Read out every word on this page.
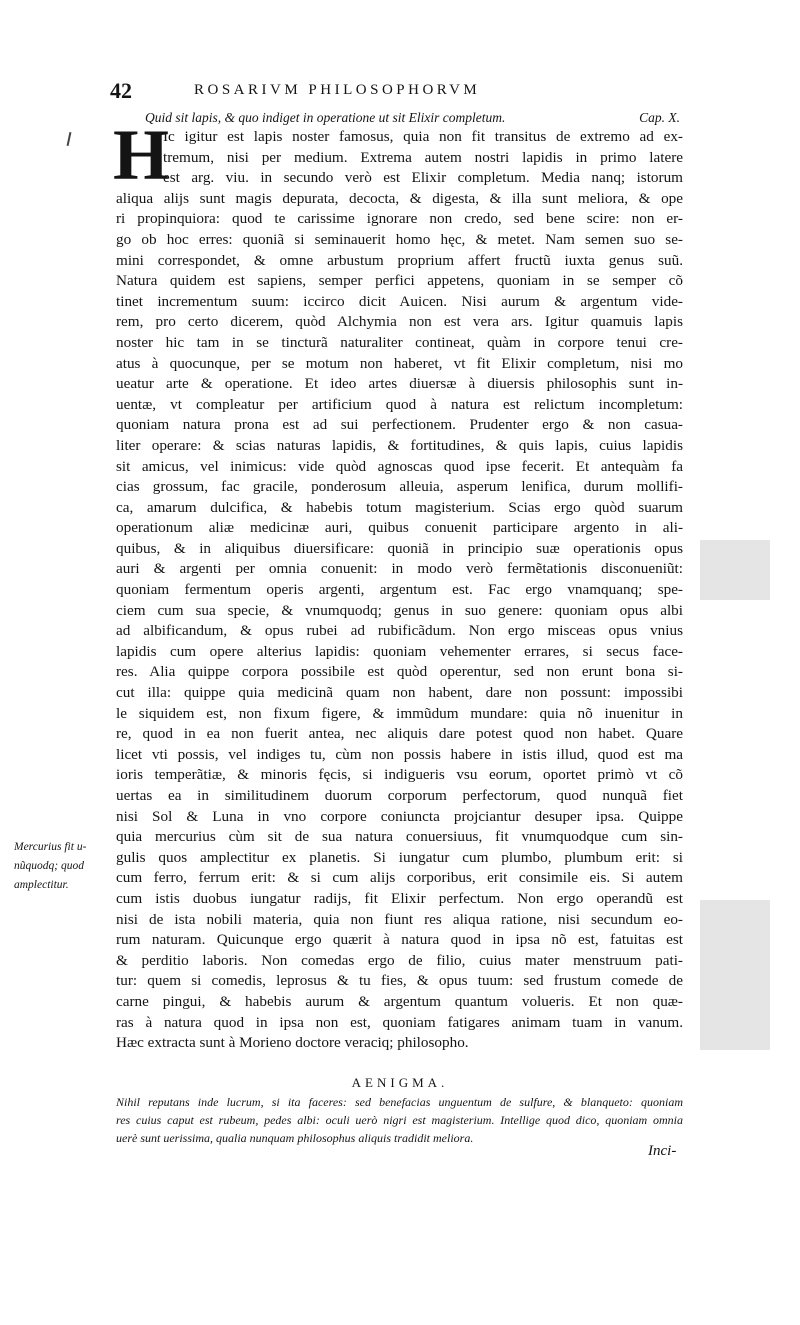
42	ROSARIVM PHILOSOPHORVM
Quid sit lapis, & quo indiget in operatione ut sit Elixir completum.	Cap. X.
H
Ic igitur est lapis noster famosus, quia non fit transitus de extremo ad ex-
tremum, nisi per medium. Extrema autem nostri lapidis in primo latere
est arg. viu. in secundo verò est Elixir completum. Media nanq; istorum
aliqua alijs sunt magis depurata, decocta, & digesta, & illa sunt meliora, & ope
ri propinquiora: quod te carissime ignorare non credo, sed bene scire: non er-
go ob hoc erres: quoniã si seminauerit homo hęc, & metet. Nam semen suo se-
mini correspondet, & omne arbustum proprium affert fructũ iuxta genus suũ.
Natura quidem est sapiens, semper perfici appetens, quoniam in se semper cõ
tinet incrementum suum: iccirco dicit Auicen. Nisi aurum & argentum vide-
rem, pro certo dicerem, quòd Alchymia non est vera ars. Igitur quamuis lapis
noster hic tam in se tincturã naturaliter contineat, quàm in corpore tenui cre-
atus à quocunque, per se motum non haberet, vt fit Elixir completum, nisi mo
ueatur arte & operatione. Et ideo artes diuersæ à diuersis philosophis sunt in-
uentæ, vt compleatur per artificium quod à natura est relictum incompletum:
quoniam natura prona est ad sui perfectionem. Prudenter ergo & non casua-
liter operare: & scias naturas lapidis, & fortitudines, & quis lapis, cuius lapidis
sit amicus, vel inimicus: vide quòd agnoscas quod ipse fecerit. Et antequàm fa
cias grossum, fac gracile, ponderosum alleuia, asperum lenifica, durum mollifi-
ca, amarum dulcifica, & habebis totum magisterium. Scias ergo quòd suarum
operationum aliæ medicinæ auri, quibus conuenit participare argento in ali-
quibus, & in aliquibus diuersificare: quoniã in principio suæ operationis opus
auri & argenti per omnia conuenit: in modo verò fermẽtationis disconueniũt:
quoniam fermentum operis argenti, argentum est. Fac ergo vnamquanq; spe-
ciem cum sua specie, & vnumquodq; genus in suo genere: quoniam opus albi
ad albificandum, & opus rubei ad rubificãdum. Non ergo misceas opus vnius
lapidis cum opere alterius lapidis: quoniam vehementer errares, si secus face-
res. Alia quippe corpora possibile est quòd operentur, sed non erunt bona si-
cut illa: quippe quia medicinã quam non habent, dare non possunt: impossibi
le siquidem est, non fixum figere, & immũdum mundare: quia nõ inuenitur in
re, quod in ea non fuerit antea, nec aliquis dare potest quod non habet. Quare
licet vti possis, vel indiges tu, cùm non possis habere in istis illud, quod est ma
ioris temperãtiæ, & minoris fęcis, si indigueris vsu eorum, oportet primò vt cõ
uertas ea in similitudinem duorum corporum perfectorum, quod nunquã fiet
nisi Sol & Luna in vno corpore coniuncta projciantur desuper ipsa. Quippe
quia mercurius cùm sit de sua natura conuersiuus, fit vnumquodque cum sin-
gulis quos amplectitur ex planetis. Si iungatur cum plumbo, plumbum erit: si
cum ferro, ferrum erit: & si cum alijs corporibus, erit consimile eis. Si autem
cum istis duobus iungatur radijs, fit Elixir perfectum. Non ergo operandũ est
nisi de ista nobili materia, quia non fiunt res aliqua ratione, nisi secundum eo-
rum naturam. Quicunque ergo quærit à natura quod in ipsa nõ est, fatuitas est
& perditio laboris. Non comedas ergo de filio, cuius mater menstruum pati-
tur: quem si comedis, leprosus & tu fies, & opus tuum: sed frustum comede de
carne pingui, & habebis aurum & argentum quantum volueris. Et non quæ-
ras à natura quod in ipsa non est, quoniam fatigares animam tuam in vanum.
Hæc extracta sunt à Morieno doctore veraciq; philosopho.
Mercurius fit u-
nũquodq; quod
amplectitur.
AENIGMA.
Nihil reputans inde lucrum, si ita faceres: sed benefacias unguentum de sulfure, & blanqueto: quoniam
res cuius caput est rubeum, pedes albi: oculi uerò nigri est magisterium. Intellige quod dico, quoniam omnia
uerè sunt uerissima, qualia nunquam philosophus aliquis tradidit meliora.
Inci-
